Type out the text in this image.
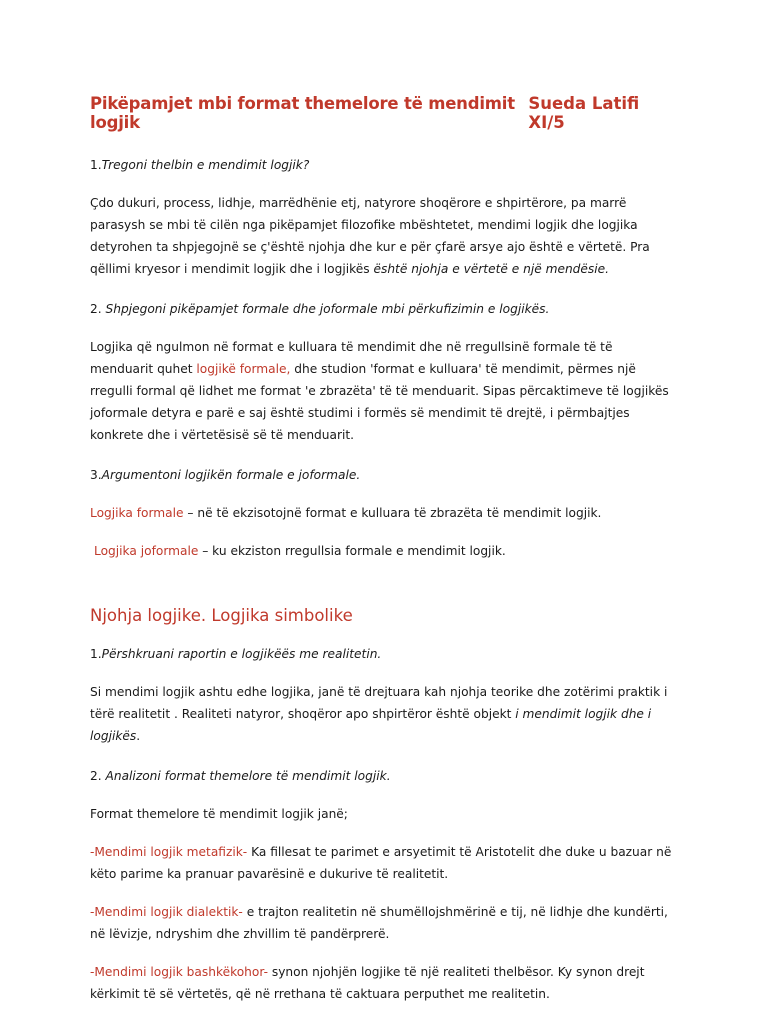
Pikëpamjet mbi format themelore të mendimit logjik
Sueda Latifi XI/5

1.Tregoni thelbin e mendimit logjik?

Çdo dukuri, process, lidhje, marrëdhënie etj, natyrore shoqërore e shpirtërore, pa marrë parasysh se mbi të cilën nga pikëpamjet filozofike mbështetet, mendimi logjik dhe logjika detyrohen ta shpjegojnë se ç'është njohja dhe kur e për çfarë arsye ajo është e vërtetë. Pra qëllimi kryesor i mendimit logjik dhe i logjikës është njohja e vërtetë e një mendësie.

2. Shpjegoni pikëpamjet formale dhe joformale mbi përkufizimin e logjikës.

Logjika që ngulmon në format e kulluara të mendimit dhe në rregullsinë formale të të menduarit quhet logjikë formale, dhe studion 'format e kulluara' të mendimit, përmes një rregulli formal që lidhet me format 'e zbrazëta' të të menduarit. Sipas përcaktimeve të logjikës joformale detyra e parë e saj është studimi i formës së mendimit të drejtë, i përmbajtjes konkrete dhe i vërtetësisë së të menduarit.

3.Argumentoni logjikën formale e joformale.

Logjika formale – në të ekzisotojnë format e kulluara të zbrazëta të mendimit logjik.

Logjika joformale – ku ekziston rregullsia formale e mendimit logjik.

Njohja logjike. Logjika simbolike

1.Përshkruani raportin e logjikëës me realitetin.

Si mendimi logjik ashtu edhe logjika, janë të drejtuara kah njohja teorike dhe zotërimi praktik i tërë realitetit . Realiteti natyror, shoqëror apo shpirtëror është objekt i mendimit logjik dhe i logjikës.

2. Analizoni format themelore të mendimit logjik.

Format themelore të mendimit logjik janë;

-Mendimi logjik metafizik- Ka fillesat te parimet e arsyetimit të Aristotelit dhe duke u bazuar në këto parime ka pranuar pavarësinë e dukurive të realitetit.

-Mendimi logjik dialektik- e trajton realitetin në shumëllojshmërinë e tij, në lidhje dhe kundërti, në lëvizje, ndryshim dhe zhvillim të pandërprerë.

-Mendimi logjik bashkëkohor- synon njohjën logjike të një realiteti thelbësor. Ky synon drejt kërkimit të së vërtetës, që në rrethana të caktuara perputhet me realitetin.
